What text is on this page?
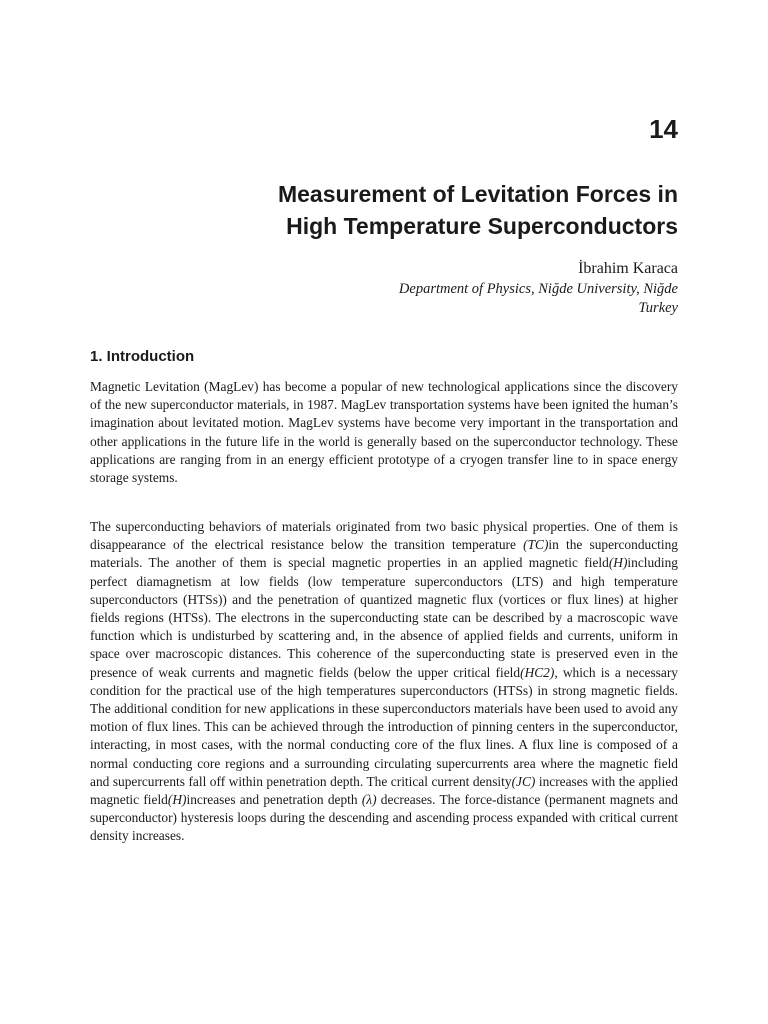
14
Measurement of Levitation Forces in
High Temperature Superconductors
İbrahim Karaca
Department of Physics, Niğde University, Niğde
Turkey
1. Introduction

Magnetic Levitation (MagLev) has become a popular of new technological applications since the discovery of the new superconductor materials, in 1987. MagLev transportation systems have been ignited the human’s imagination about levitated motion. MagLev systems have become very important in the transportation and other applications in the future life in the world is generally based on the superconductor technology. These applications are ranging from in an energy efficient prototype of a cryogen transfer line to in space energy storage systems.

The superconducting behaviors of materials originated from two basic physical properties. One of them is disappearance of the electrical resistance below the transition temperature (TC)in the superconducting materials. The another of them is special magnetic properties in an applied magnetic field(H)including perfect diamagnetism at low fields (low temperature superconductors (LTS) and high temperature superconductors (HTSs)) and the penetration of quantized magnetic flux (vortices or flux lines) at higher fields regions (HTSs). The electrons in the superconducting state can be described by a macroscopic wave function which is undisturbed by scattering and, in the absence of applied fields and currents, uniform in space over macroscopic distances. This coherence of the superconducting state is preserved even in the presence of weak currents and magnetic fields (below the upper critical field(HC2), which is a necessary condition for the practical use of the high temperatures superconductors (HTSs) in strong magnetic fields. The additional condition for new applications in these superconductors materials have been used to avoid any motion of flux lines. This can be achieved through the introduction of pinning centers in the superconductor, interacting, in most cases, with the normal conducting core of the flux lines. A flux line is composed of a normal conducting core regions and a surrounding circulating supercurrents area where the magnetic field and supercurrents fall off within penetration depth. The critical current density(JC) increases with the applied magnetic field(H)increases and penetration depth (λ) decreases. The force-distance (permanent magnets and superconductor) hysteresis loops during the descending and ascending process expanded with critical current density increases.
